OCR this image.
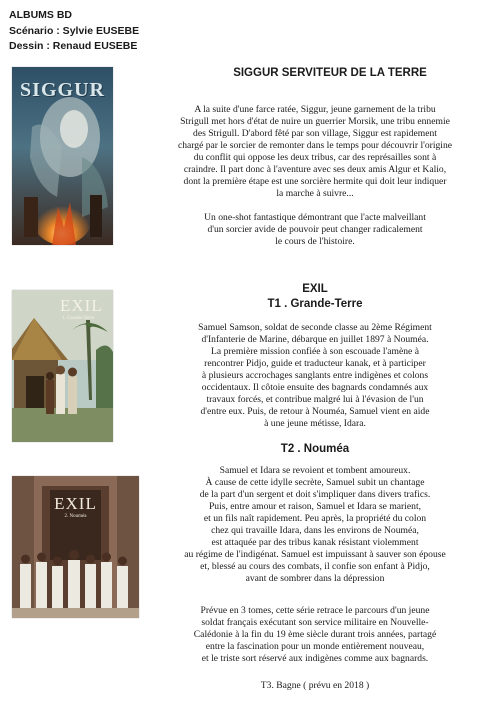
ALBUMS BD
Scénario : Sylvie EUSEBE
Dessin : Renaud EUSEBE
SIGGUR
EXIL
1. Grande-Terre
EXIL
2. Nouméa
SIGGUR SERVITEUR DE LA TERRE

A la suite d'une farce ratée, Siggur, jeune garnement de la tribu

Strigull met hors d'état de nuire un guerrier Morsik, une tribu ennemie

des Strigull. D'abord fêté par son village, Siggur est rapidement

chargé par le sorcier de remonter dans le temps pour découvrir l'origine

du conflit qui oppose les deux tribus, car des représailles sont à

craindre. Il part donc à l'aventure avec ses deux amis Algur et Kalio,

dont la première étape est une sorcière hermite qui doit leur indiquer

la marche à suivre...

Un one-shot fantastique démontrant que l'acte malveillant

d'un sorcier avide de pouvoir peut changer radicalement

le cours de l'histoire.

EXIL
T1 . Grande-Terre

Samuel Samson, soldat de seconde classe au 2ème Régiment

d'Infanterie de Marine, débarque en juillet 1897 à Nouméa.

La première mission confiée à son escouade l'amène à

rencontrer Pidjo, guide et traducteur kanak, et à participer

à plusieurs accrochages sanglants entre indigènes et colons

occidentaux. Il côtoie ensuite des bagnards condamnés aux

travaux forcés, et contribue malgré lui à l'évasion de l'un

d'entre eux. Puis, de retour à Nouméa, Samuel vient en aide

à une jeune métisse, Idara.

T2 . Nouméa

Samuel et Idara se revoient et tombent amoureux.

À cause de cette idylle secrète, Samuel subit un chantage

de la part d'un sergent et doit s'impliquer dans divers trafics.

Puis, entre amour et raison, Samuel et Idara se marient,

et un fils naît rapidement. Peu après, la propriété du colon

chez qui travaille Idara, dans les environs de Nouméa,

est attaquée par des tribus kanak résistant violemment

au régime de l'indigénat. Samuel est impuissant à sauver son épouse

et, blessé au cours des combats, il confie son enfant à Pidjo,

avant de sombrer dans la dépression

Prévue en 3 tomes, cette série retrace le parcours d'un jeune

soldat français exécutant son service militaire en Nouvelle-

Calédonie à la fin du 19 ème siècle durant trois années, partagé

entre la fascination pour un monde entièrement nouveau,

et le triste sort réservé aux indigènes comme aux bagnards.

T3. Bagne ( prévu en 2018 )
